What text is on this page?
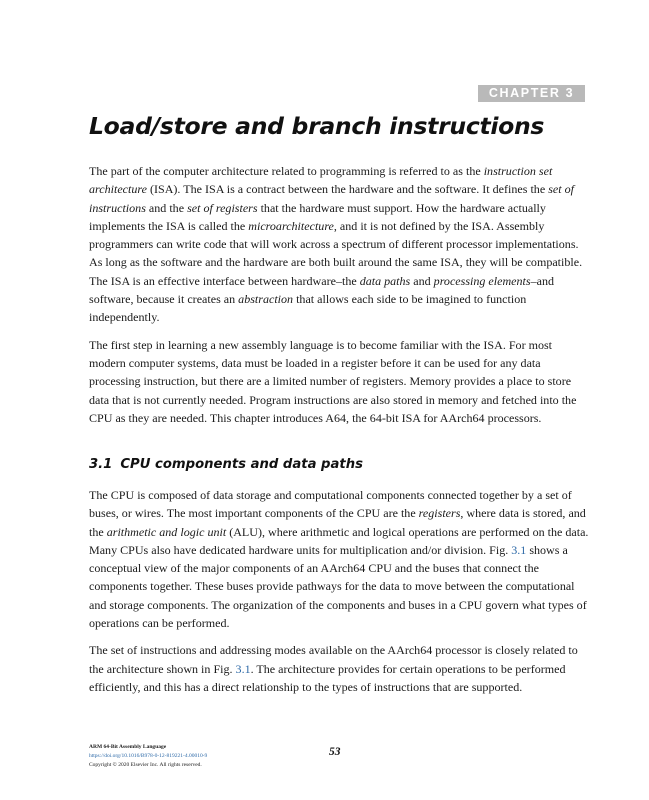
CHAPTER 3
Load/store and branch instructions

The part of the computer architecture related to programming is referred to as the instruction set architecture (ISA). The ISA is a contract between the hardware and the software. It defines the set of instructions and the set of registers that the hardware must support. How the hardware actually implements the ISA is called the microarchitecture, and it is not defined by the ISA. Assembly programmers can write code that will work across a spectrum of different processor implementations. As long as the software and the hardware are both built around the same ISA, they will be compatible. The ISA is an effective interface between hardware–the data paths and processing elements–and software, because it creates an abstraction that allows each side to be imagined to function independently.

The first step in learning a new assembly language is to become familiar with the ISA. For most modern computer systems, data must be loaded in a register before it can be used for any data processing instruction, but there are a limited number of registers. Memory provides a place to store data that is not currently needed. Program instructions are also stored in memory and fetched into the CPU as they are needed. This chapter introduces A64, the 64-bit ISA for AArch64 processors.

3.1 CPU components and data paths

The CPU is composed of data storage and computational components connected together by a set of buses, or wires. The most important components of the CPU are the registers, where data is stored, and the arithmetic and logic unit (ALU), where arithmetic and logical operations are performed on the data. Many CPUs also have dedicated hardware units for multiplication and/or division. Fig. 3.1 shows a conceptual view of the major components of an AArch64 CPU and the buses that connect the components together. These buses provide pathways for the data to move between the computational and storage components. The organization of the components and buses in a CPU govern what types of operations can be performed.

The set of instructions and addressing modes available on the AArch64 processor is closely related to the architecture shown in Fig. 3.1. The architecture provides for certain operations to be performed efficiently, and this has a direct relationship to the types of instructions that are supported.

ARM 64-Bit Assembly Language
https://doi.org/10.1016/B978-0-12-819221-4.00010-9
Copyright © 2020 Elsevier Inc. All rights reserved.
53
